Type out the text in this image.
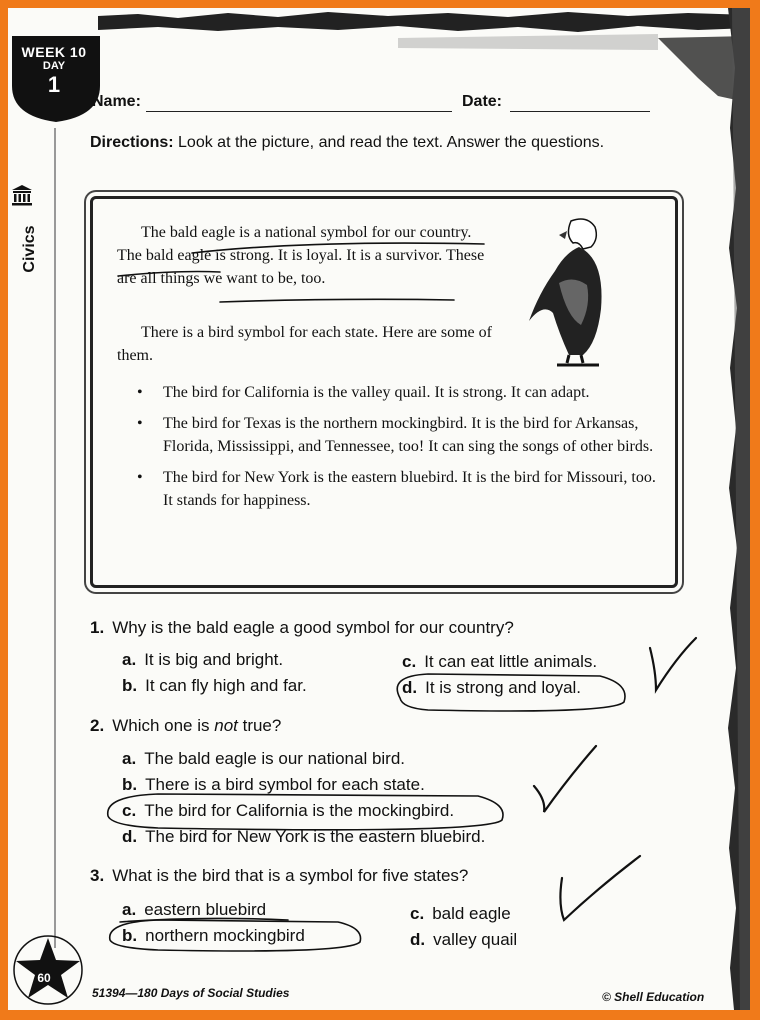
WEEK 10
DAY
1
Civics
Name:	Date:
Directions: Look at the picture, and read the text. Answer the questions.
The bald eagle is a national symbol for our country. The bald eagle is strong. It is loyal. It is a survivor. These are all things we want to be, too.
There is a bird symbol for each state. Here are some of them.
• The bird for California is the valley quail. It is strong. It can adapt.
• The bird for Texas is the northern mockingbird. It is the bird for Arkansas, Florida, Mississippi, and Tennessee, too! It can sing the songs of other birds.
• The bird for New York is the eastern bluebird. It is the bird for Missouri, too. It stands for happiness.
1. Why is the bald eagle a good symbol for our country?
a. It is big and bright.
b. It can fly high and far.
c. It can eat little animals.
d. It is strong and loyal.
2. Which one is not true?
a. The bald eagle is our national bird.
b. There is a bird symbol for each state.
c. The bird for California is the mockingbird.
d. The bird for New York is the eastern bluebird.
3. What is the bird that is a symbol for five states?
a. eastern bluebird
b. northern mockingbird
c. bald eagle
d. valley quail
60
51394—180 Days of Social Studies	© Shell Education
